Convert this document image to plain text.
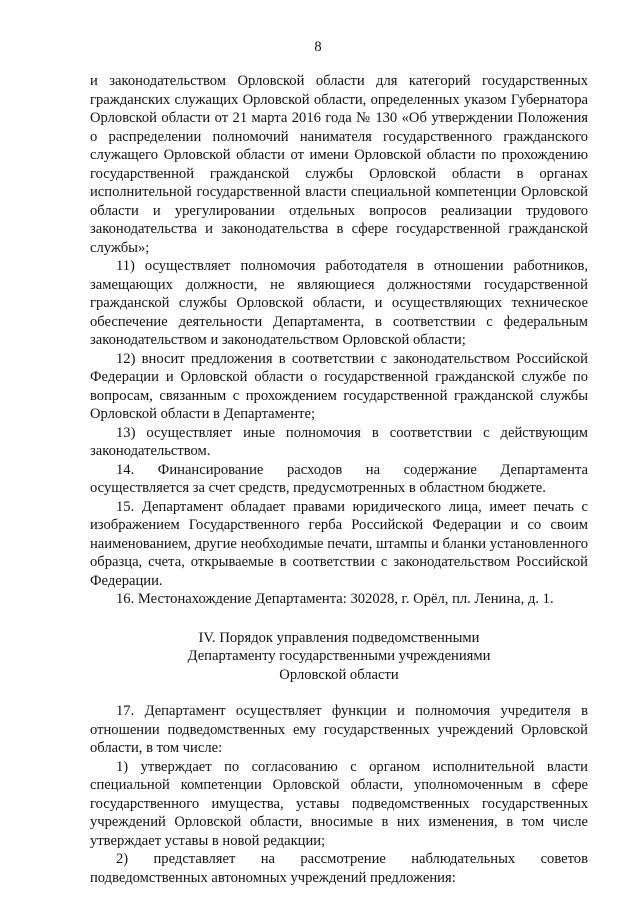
8

и законодательством Орловской области для категорий государственных гражданских служащих Орловской области, определенных указом Губернатора Орловской области от 21 марта 2016 года № 130 «Об утверждении Положения о распределении полномочий нанимателя государственного гражданского служащего Орловской области от имени Орловской области по прохождению государственной гражданской службы Орловской области в органах исполнительной государственной власти специальной компетенции Орловской области и урегулировании отдельных вопросов реализации трудового законодательства и законодательства в сфере государственной гражданской службы»;

11) осуществляет полномочия работодателя в отношении работников, замещающих должности, не являющиеся должностями государственной гражданской службы Орловской области, и осуществляющих техническое обеспечение деятельности Департамента, в соответствии с федеральным законодательством и законодательством Орловской области;

12) вносит предложения в соответствии с законодательством Российской Федерации и Орловской области о государственной гражданской службе по вопросам, связанным с прохождением государственной гражданской службы Орловской области в Департаменте;

13) осуществляет иные полномочия в соответствии с действующим законодательством.

14. Финансирование расходов на содержание Департамента осуществляется за счет средств, предусмотренных в областном бюджете.

15. Департамент обладает правами юридического лица, имеет печать с изображением Государственного герба Российской Федерации и со своим наименованием, другие необходимые печати, штампы и бланки установленного образца, счета, открываемые в соответствии с законодательством Российской Федерации.

16. Местонахождение Департамента: 302028, г. Орёл, пл. Ленина, д. 1.

IV. Порядок управления подведомственными
Департаменту государственными учреждениями
Орловской области

17. Департамент осуществляет функции и полномочия учредителя в отношении подведомственных ему государственных учреждений Орловской области, в том числе:

1) утверждает по согласованию с органом исполнительной власти специальной компетенции Орловской области, уполномоченным в сфере государственного имущества, уставы подведомственных государственных учреждений Орловской области, вносимые в них изменения, в том числе утверждает уставы в новой редакции;

2) представляет на рассмотрение наблюдательных советов подведомственных автономных учреждений предложения:
